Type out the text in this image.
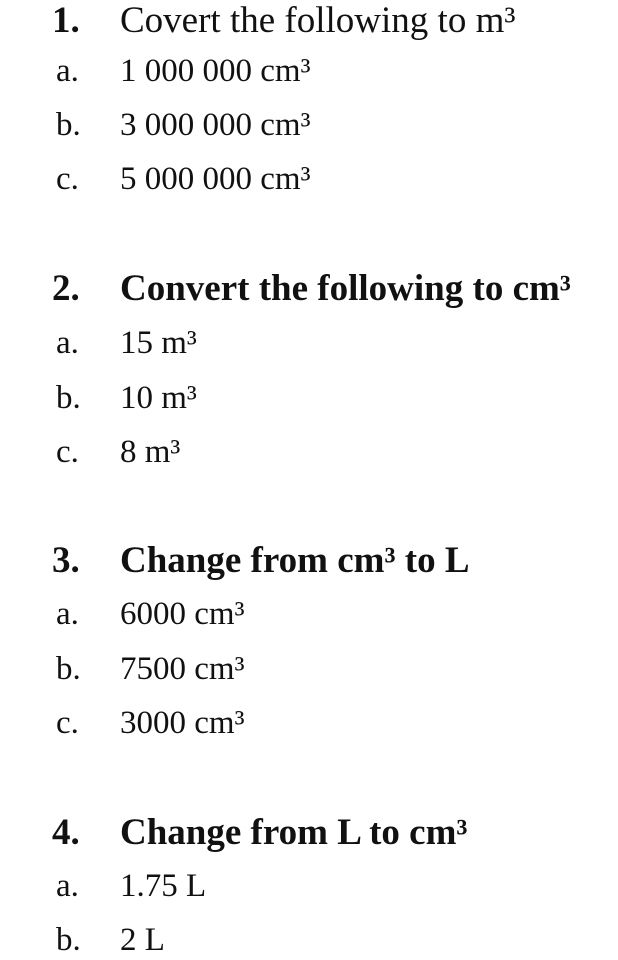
1. Covert the following to m³
a. 1 000 000 cm³
b. 3 000 000 cm³
c. 5 000 000 cm³
2. Convert the following to cm³
a. 15 m³
b. 10 m³
c. 8 m³
3. Change from cm³ to L
a. 6000 cm³
b. 7500 cm³
c. 3000 cm³
4. Change from L to cm³
a. 1.75 L
b. 2 L
